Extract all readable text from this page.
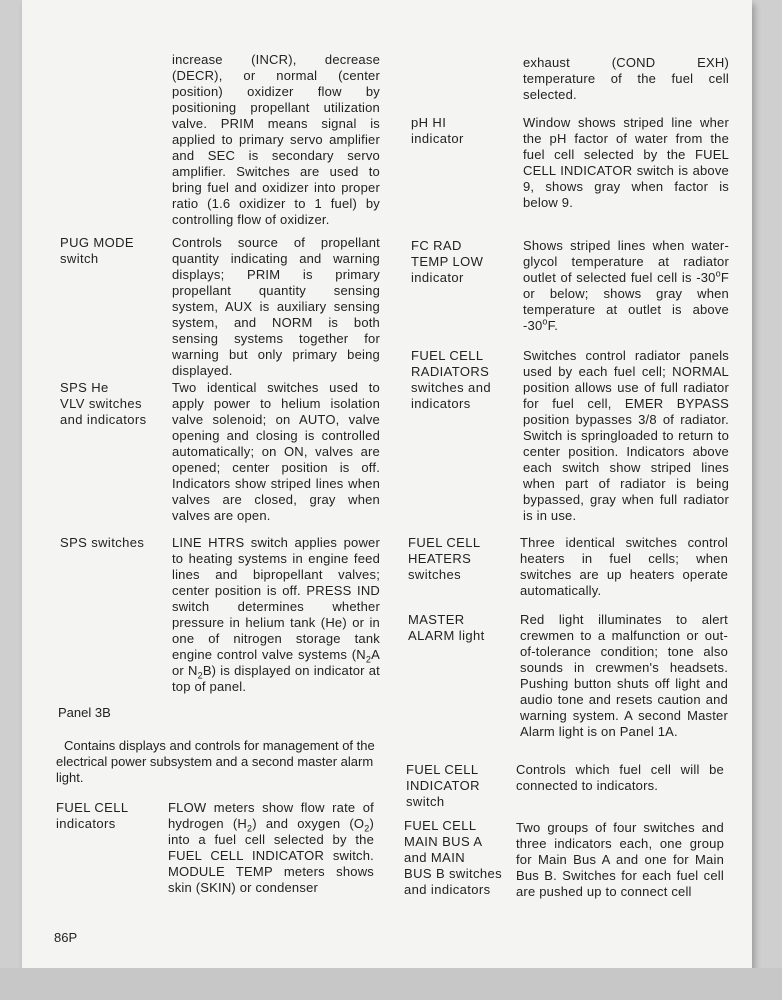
increase (INCR), decrease (DECR), or normal (center position) oxidizer flow by positioning propellant utilization valve. PRIM means signal is applied to primary servo amplifier and SEC is secondary servo amplifier. Switches are used to bring fuel and oxidizer into proper ratio (1.6 oxidizer to 1 fuel) by controlling flow of oxidizer.
PUG MODE
switch
Controls source of propellant quantity indicating and warning displays; PRIM is primary propellant quantity sensing system, AUX is auxiliary sensing system, and NORM is both sensing systems together for warning but only primary being displayed.
SPS He
VLV switches
and indicators
Two identical switches used to apply power to helium isolation valve solenoid; on AUTO, valve opening and closing is controlled automatically; on ON, valves are opened; center position is off. Indicators show striped lines when valves are closed, gray when valves are open.
SPS switches	LINE HTRS switch applies power to heating systems in engine feed lines and bipropellant valves; center position is off. PRESS IND switch determines whether pressure in helium tank (He) or in one of nitrogen storage tank engine control valve systems ($N_2A$ or $N_2B$) is displayed on indicator at top of panel.
Panel 3B
Contains displays and controls for management of the electrical power subsystem and a second master alarm light.
FUEL CELL
indicators
FLOW meters show flow rate of hydrogen $(H_2)$ and oxygen $(O_2)$ into a fuel cell selected by the FUEL CELL INDICATOR switch. MODULE TEMP meters shows skin (SKIN) or condenser
exhaust (COND EXH) temperature of the fuel cell selected.
pH HI
indicator
Window shows striped line wher the pH factor of water from the fuel cell selected by the FUEL CELL INDICATOR switch is above 9, shows gray when factor is below 9.
FC RAD
TEMP LOW
indicator
Shows striped lines when water-glycol temperature at radiator outlet of selected fuel cell is -30$^o$F or below; shows gray when temperature at outlet is above -30$^o$F.
FUEL CELL
RADIATORS
switches and
indicators
Switches control radiator panels used by each fuel cell; NORMAL position allows use of full radiator for fuel cell, EMER BYPASS position bypasses 3/8 of radiator. Switch is springloaded to return to center position. Indicators above each switch show striped lines when part of radiator is being bypassed, gray when full radiator is in use.
FUEL CELL
HEATERS
switches
Three identical switches control heaters in fuel cells; when switches are up heaters operate automatically.
MASTER
ALARM light
Red light illuminates to alert crewmen to a malfunction or out-of-tolerance condition; tone also sounds in crewmen's headsets. Pushing button shuts off light and audio tone and resets caution and warning system. A second Master Alarm light is on Panel 1A.
FUEL CELL
INDICATOR
switch
Controls which fuel cell will be connected to indicators.
FUEL CELL
MAIN BUS A
and MAIN
BUS B switches
and indicators
Two groups of four switches and three indicators each, one group for Main Bus A and one for Main Bus B. Switches for each fuel cell are pushed up to connect cell
86P
